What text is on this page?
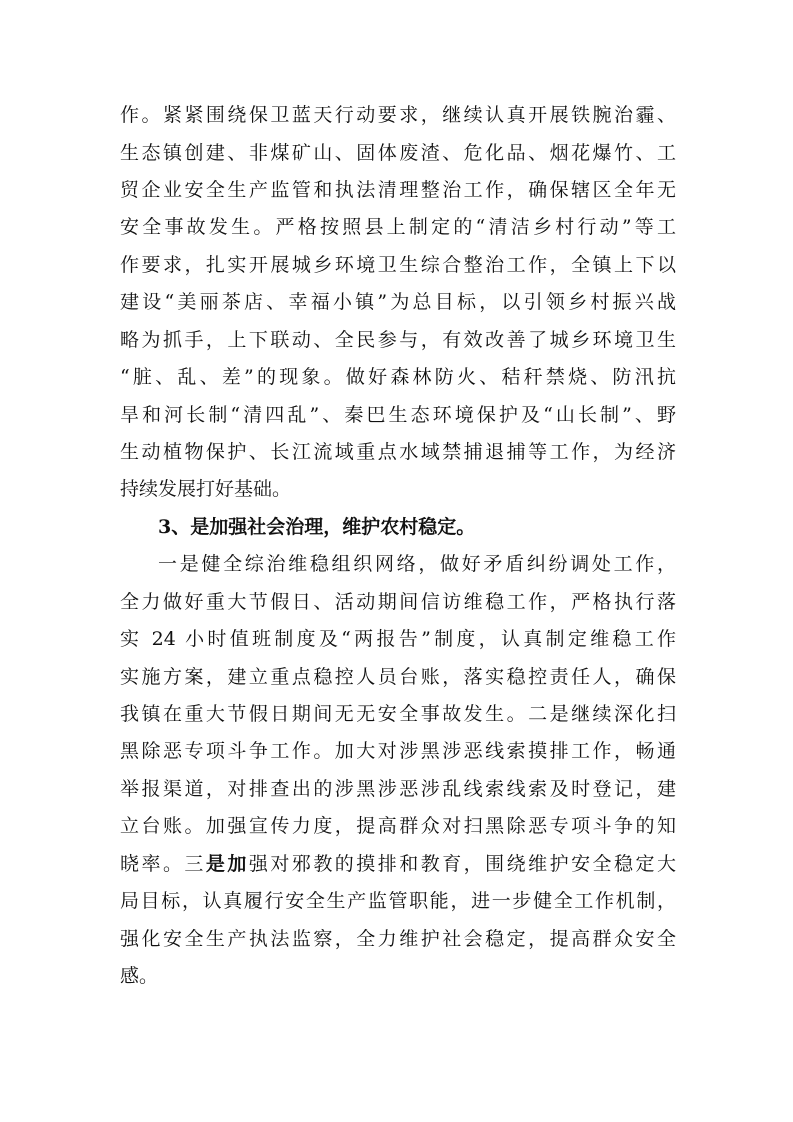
作。紧紧围绕保卫蓝天行动要求，继续认真开展铁腕治霾、
生态镇创建、非煤矿山、固体废渣、危化品、烟花爆竹、工
贸企业安全生产监管和执法清理整治工作，确保辖区全年无
安全事故发生。严格按照县上制定的“清洁乡村行动”等工
作要求，扎实开展城乡环境卫生综合整治工作，全镇上下以
建设“美丽茶店、幸福小镇”为总目标，以引领乡村振兴战
略为抓手，上下联动、全民参与，有效改善了城乡环境卫生
“脏、乱、差”的现象。做好森林防火、秸秆禁烧、防汛抗
旱和河长制“清四乱”、秦巴生态环境保护及“山长制”、野
生动植物保护、长江流域重点水域禁捕退捕等工作，为经济
持续发展打好基础。
3、是加强社会治理，维护农村稳定。
一是健全综治维稳组织网络，做好矛盾纠纷调处工作，
全力做好重大节假日、活动期间信访维稳工作，严格执行落
实 24 小时值班制度及“两报告”制度，认真制定维稳工作
实施方案，建立重点稳控人员台账，落实稳控责任人，确保
我镇在重大节假日期间无无安全事故发生。二是继续深化扫
黑除恶专项斗争工作。加大对涉黑涉恶线索摸排工作，畅通
举报渠道，对排查出的涉黑涉恶涉乱线索线索及时登记，建
立台账。加强宣传力度，提高群众对扫黑除恶专项斗争的知
晓率。三是加强对邪教的摸排和教育，围绕维护安全稳定大
局目标，认真履行安全生产监管职能，进一步健全工作机制，
强化安全生产执法监察，全力维护社会稳定，提高群众安全
感。
